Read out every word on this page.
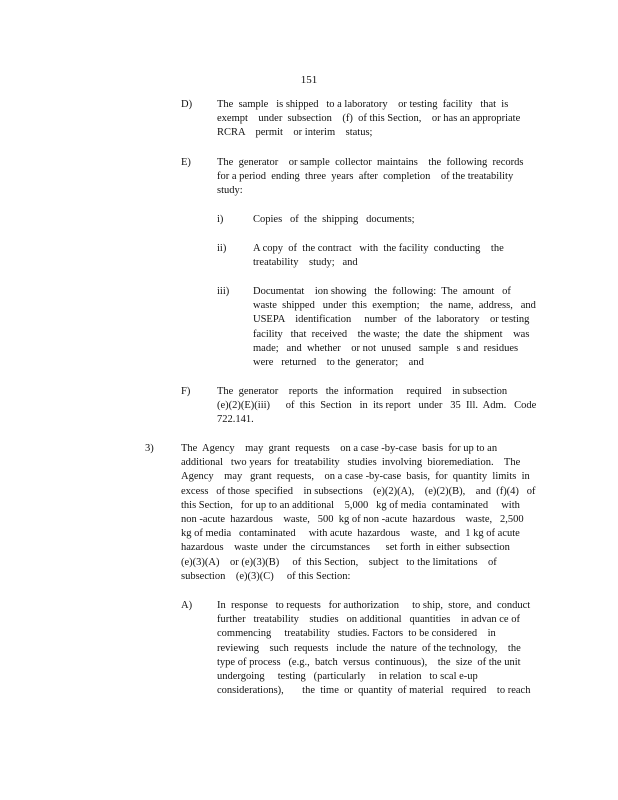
151
D) The  sample   is shipped   to a laboratory    or testing  facility   that  is
exempt    under  subsection    (f)  of this Section,    or has an appropriate
RCRA    permit    or interim    status;
E) The  generator    or sample  collector  maintains    the  following  records
for a period  ending  three  years  after  completion    of the treatability
study:
i)	Copies   of  the  shipping   documents;
ii)	A copy  of  the contract   with  the facility  conducting    the
treatability    study;   and
iii) Documentat    ion showing   the  following:  The  amount   of
waste  shipped   under  this  exemption;    the  name,  address,   and
USEPA    identification     number   of  the  laboratory    or testing
facility   that  received    the waste;  the  date  the  shipment    was
made;   and  whether    or not  unused   sample   s and  residues
were   returned    to the  generator;    and
F)	The  generator    reports   the  information     required    in subsection
(e)(2)(E)(iii)      of  this  Section   in  its report   under   35  Ill.  Adm.   Code
722.141.
3)	The  Agency    may  grant  requests    on a case -by-case  basis  for up to an
additional   two years  for  treatability   studies  involving  bioremediation.    The
Agency    may   grant  requests,    on a case -by-case  basis,  for  quantity  limits  in
excess   of those  specified    in subsections    (e)(2)(A),    (e)(2)(B),    and  (f)(4)   of
this Section,   for up to an additional    5,000   kg of media  contaminated     with
non -acute  hazardous    waste,   500  kg of non -acute  hazardous    waste,   2,500
kg of media   contaminated     with acute  hazardous    waste,   and  1 kg of acute
hazardous    waste  under  the  circumstances      set forth  in either  subsection
(e)(3)(A)    or (e)(3)(B)     of  this Section,    subject   to the limitations    of
subsection    (e)(3)(C)     of this Section:
A) In  response   to requests   for authorization     to ship,  store,  and  conduct
further   treatability    studies   on additional   quantities    in advan ce of
commencing     treatability   studies. Factors  to be considered    in
reviewing    such  requests   include  the  nature  of the technology,    the
type of process   (e.g.,  batch  versus  continuous),    the  size  of the unit
undergoing     testing   (particularly     in relation   to scal e-up
considerations),       the  time  or  quantity  of material   required    to reach
